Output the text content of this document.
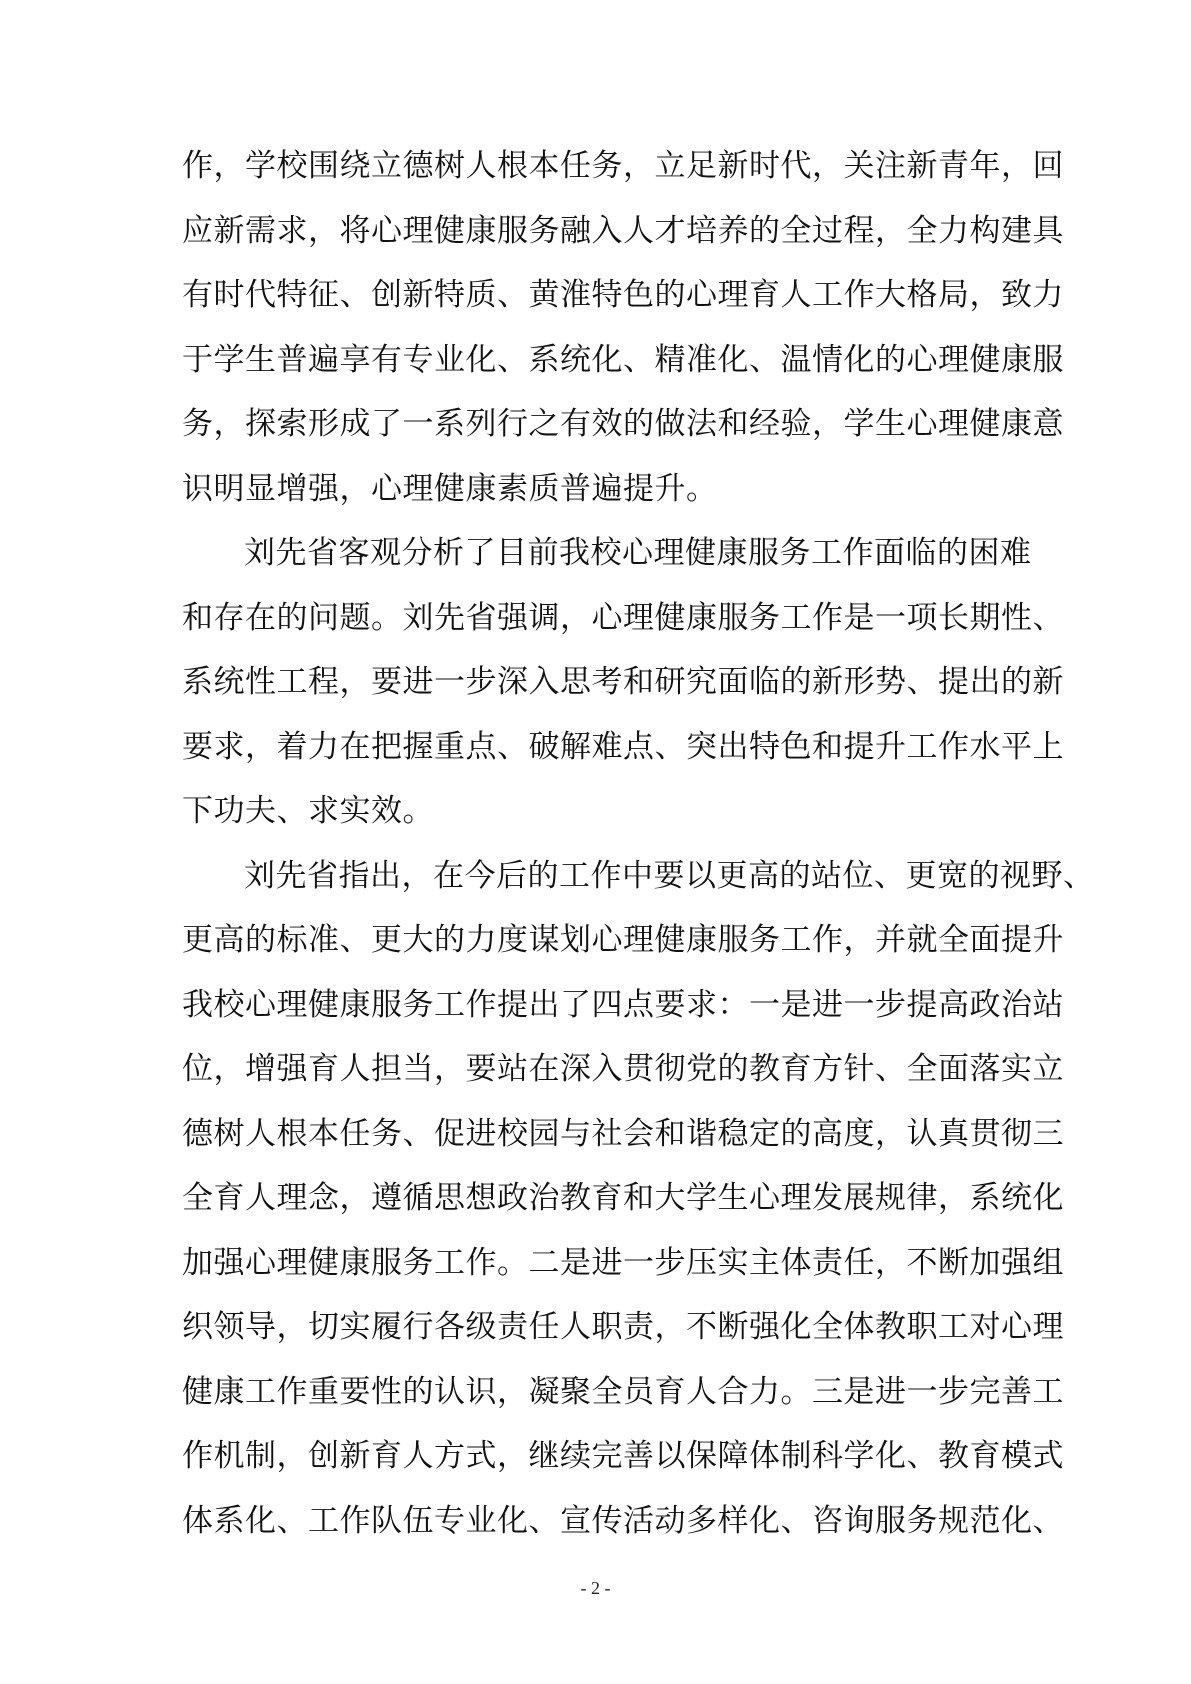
作，学校围绕立德树人根本任务，立足新时代，关注新青年，回
应新需求，将心理健康服务融入人才培养的全过程，全力构建具
有时代特征、创新特质、黄淮特色的心理育人工作大格局，致力
于学生普遍享有专业化、系统化、精准化、温情化的心理健康服
务，探索形成了一系列行之有效的做法和经验，学生心理健康意
识明显增强，心理健康素质普遍提升。
刘先省客观分析了目前我校心理健康服务工作面临的困难
和存在的问题。刘先省强调，心理健康服务工作是一项长期性、
系统性工程，要进一步深入思考和研究面临的新形势、提出的新
要求，着力在把握重点、破解难点、突出特色和提升工作水平上
下功夫、求实效。
刘先省指出，在今后的工作中要以更高的站位、更宽的视野、
更高的标准、更大的力度谋划心理健康服务工作，并就全面提升
我校心理健康服务工作提出了四点要求：一是进一步提高政治站
位，增强育人担当，要站在深入贯彻党的教育方针、全面落实立
德树人根本任务、促进校园与社会和谐稳定的高度，认真贯彻三
全育人理念，遵循思想政治教育和大学生心理发展规律，系统化
加强心理健康服务工作。二是进一步压实主体责任，不断加强组
织领导，切实履行各级责任人职责，不断强化全体教职工对心理
健康工作重要性的认识，凝聚全员育人合力。三是进一步完善工
作机制，创新育人方式，继续完善以保障体制科学化、教育模式
体系化、工作队伍专业化、宣传活动多样化、咨询服务规范化、
- 2 -
